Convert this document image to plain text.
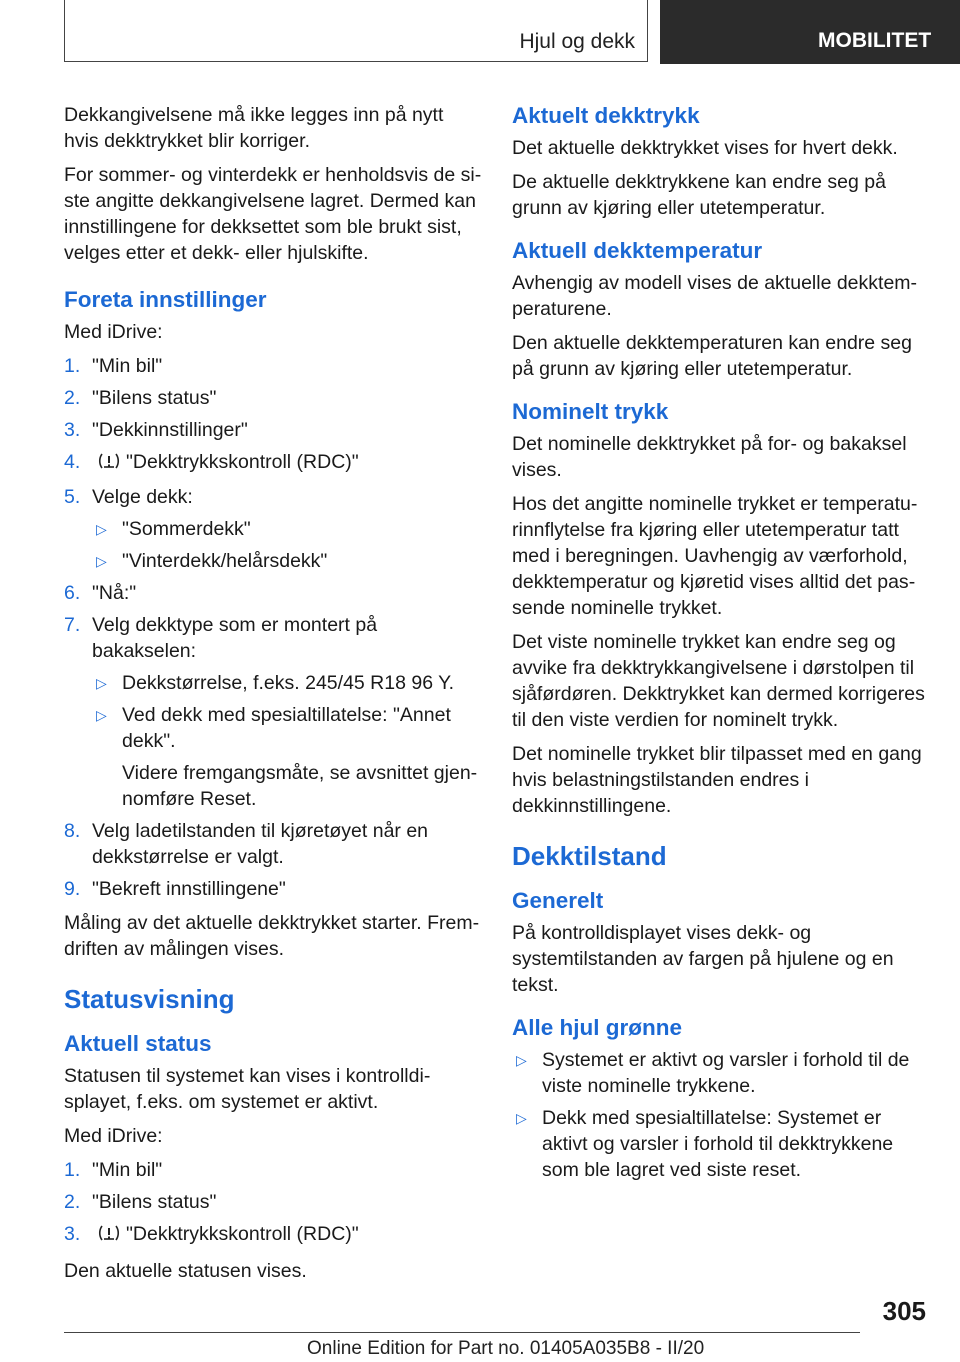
Hjul og dekk	MOBILITET

Dekkangivelsene må ikke legges inn på nytt hvis dekktrykket blir korriger.

For sommer- og vinterdekk er henholdsvis de siste angitte dekkangivelsene lagret. Dermed kan innstillingene for dekksettet som ble brukt sist, velges etter et dekk- eller hjulskifte.

Foreta innstillinger

Med iDrive:

1. "Min bil"
2. "Bilens status"
3. "Dekkinnstillinger"
4. "Dekktrykkskontroll (RDC)"
5. Velge dekk:
▷ "Sommerdekk"
▷ "Vinterdekk/helårsdekk"
6. "Nå:"
7. Velg dekktype som er montert på bakakselen:
▷ Dekkstørrelse, f.eks. 245/45 R18 96 Y.
▷ Ved dekk med spesialtillatelse: "Annet dekk".
Videre fremgangsmåte, se avsnittet gjennomføre Reset.
8. Velg ladetilstanden til kjøretøyet når en dekkstørrelse er valgt.
9. "Bekreft innstillingene"

Måling av det aktuelle dekktrykket starter. Fremdriften av målingen vises.

Statusvisning
Aktuell status

Statusen til systemet kan vises i kontrolldisplayet, f.eks. om systemet er aktivt.

Med iDrive:

1. "Min bil"
2. "Bilens status"
3. "Dekktrykkskontroll (RDC)"

Den aktuelle statusen vises.

Aktuelt dekktrykk

Det aktuelle dekktrykket vises for hvert dekk.

De aktuelle dekktrykkene kan endre seg på grunn av kjøring eller utetemperatur.

Aktuell dekktemperatur

Avhengig av modell vises de aktuelle dekktemperaturene.

Den aktuelle dekktemperaturen kan endre seg på grunn av kjøring eller utetemperatur.

Nominelt trykk

Det nominelle dekktrykket på for- og bakaksel vises.

Hos det angitte nominelle trykket er temperaturinnflytelse fra kjøring eller utetemperatur tatt med i beregningen. Uavhengig av værforhold, dekktemperatur og kjøretid vises alltid det passende nominelle trykket.

Det viste nominelle trykket kan endre seg og avvike fra dekktrykkangivelsene i dørstolpen til sjåførdøren. Dekktrykket kan dermed korrigeres til den viste verdien for nominelt trykk.

Det nominelle trykket blir tilpasset med en gang hvis belastningstilstanden endres i dekkinnstillingene.

Dekktilstand
Generelt

På kontrolldisplayet vises dekk- og systemtilstanden av fargen på hjulene og en tekst.

Alle hjul grønne
▷ Systemet er aktivt og varsler i forhold til de viste nominelle trykkene.
▷ Dekk med spesialtillatelse: Systemet er aktivt og varsler i forhold til dekktrykkene som ble lagret ved siste reset.
305
Online Edition for Part no. 01405A035B8 - II/20
